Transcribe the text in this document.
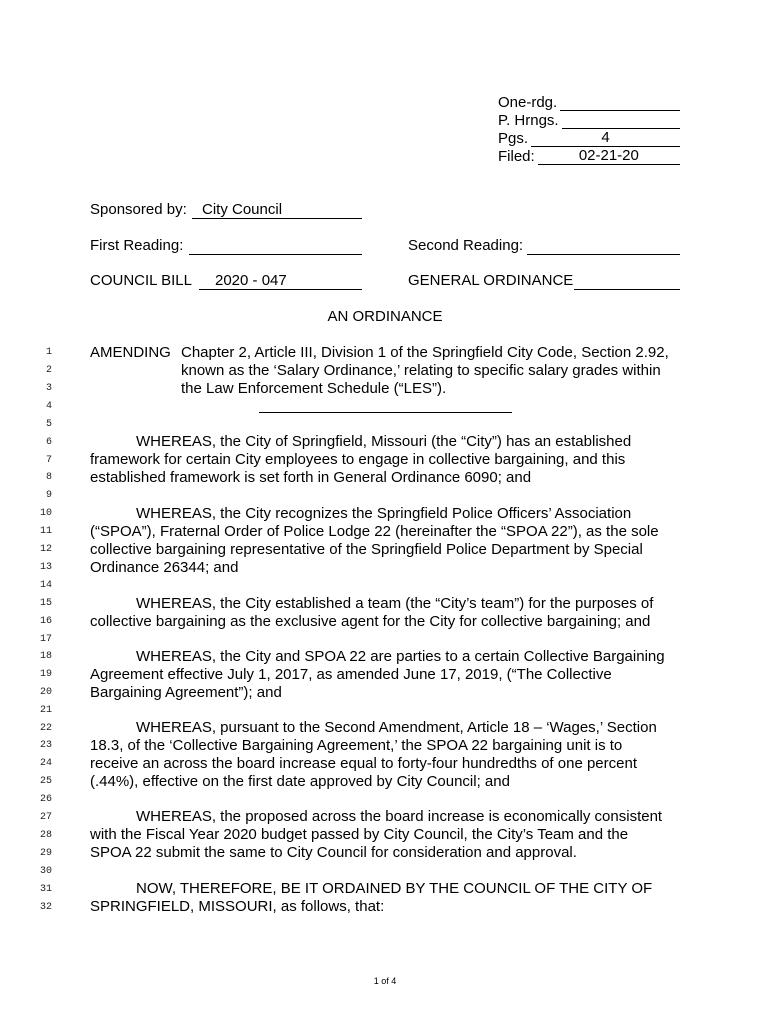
One-rdg.
P. Hrngs.
Pgs.	4
Filed:	02-21-20
Sponsored by:	City Council
First Reading:	Second Reading:
COUNCIL BILL	2020 - 047	GENERAL ORDINANCE
AN ORDINANCE
AMENDING Chapter 2, Article III, Division 1 of the Springfield City Code, Section 2.92,
known as the ‘Salary Ordinance,’ relating to specific salary grades within
the Law Enforcement Schedule (“LES”).
WHEREAS, the City of Springfield, Missouri (the “City”) has an established
framework for certain City employees to engage in collective bargaining, and this
established framework is set forth in General Ordinance 6090; and
WHEREAS, the City recognizes the Springfield Police Officers’ Association
(“SPOA”), Fraternal Order of Police Lodge 22 (hereinafter the “SPOA 22”), as the sole
collective bargaining representative of the Springfield Police Department by Special
Ordinance 26344; and
WHEREAS, the City established a team (the “City’s team”) for the purposes of
collective bargaining as the exclusive agent for the City for collective bargaining; and
WHEREAS, the City and SPOA 22 are parties to a certain Collective Bargaining
Agreement effective July 1, 2017, as amended June 17, 2019, (“The Collective
Bargaining Agreement”); and
WHEREAS, pursuant to the Second Amendment, Article 18 – ‘Wages,’ Section
18.3, of the ‘Collective Bargaining Agreement,’ the SPOA 22 bargaining unit is to
receive an across the board increase equal to forty-four hundredths of one percent
(.44%), effective on the first date approved by City Council; and
WHEREAS, the proposed across the board increase is economically consistent
with the Fiscal Year 2020 budget passed by City Council, the City’s Team and the
SPOA 22 submit the same to City Council for consideration and approval.
NOW, THEREFORE, BE IT ORDAINED BY THE COUNCIL OF THE CITY OF
SPRINGFIELD, MISSOURI, as follows, that:
1
2
3
4
5
6
7
8
9
10
11
12
13
14
15
16
17
18
19
20
21
22
23
24
25
26
27
28
29
30
31
32
1 of 4
